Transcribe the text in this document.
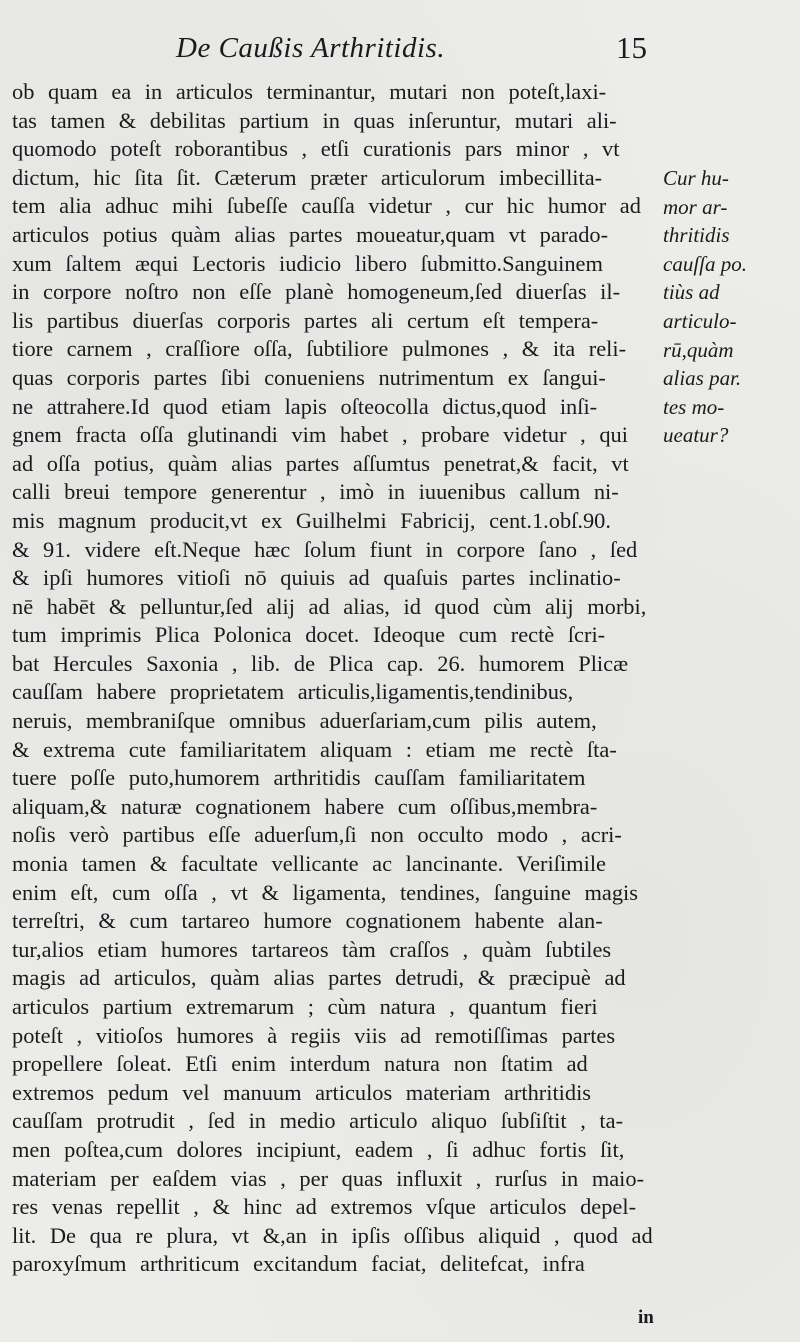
De Caußis Arthritidis.	15
ob quam ea in articulos terminantur, mutari non poteſt,laxi-
tas tamen & debilitas partium in quas inſeruntur, mutari ali-
quomodo poteſt roborantibus , etſi curationis pars minor , vt
dictum, hic ſita ſit. Cæterum præter articulorum imbecillita-
tem alia adhuc mihi ſubeſſe cauſſa videtur , cur hic humor ad
articulos potius quàm alias partes moueatur,quam vt parado-
xum ſaltem æqui Lectoris iudicio libero ſubmitto.Sanguinem
in corpore noſtro non eſſe planè homogeneum,ſed diuerſas il-
lis partibus diuerſas corporis partes ali certum eſt tempera-
tiore carnem , craſſiore oſſa, ſubtiliore pulmones , & ita reli-
quas corporis partes ſibi conueniens nutrimentum ex ſangui-
ne attrahere.Id quod etiam lapis oſteocolla dictus,quod inſi-
gnem fracta oſſa glutinandi vim habet , probare videtur , qui
ad oſſa potius, quàm alias partes aſſumtus penetrat,& facit, vt
calli breui tempore generentur , imò in iuuenibus callum ni-
mis magnum producit,vt ex Guilhelmi Fabricij, cent.1.obſ.90.
& 91. videre eſt.Neque hæc ſolum fiunt in corpore ſano , ſed
& ipſi humores vitioſi nō quiuis ad quaſuis partes inclinatio-
nē habēt & pelluntur,ſed alij ad alias, id quod cùm alij morbi,
tum imprimis Plica Polonica docet. Ideoque cum rectè ſcri-
bat Hercules Saxonia , lib. de Plica cap. 26. humorem Plicæ
cauſſam habere proprietatem articulis,ligamentis,tendinibus,
neruis, membraniſque omnibus aduerſariam,cum pilis autem,
& extrema cute familiaritatem aliquam : etiam me rectè ſta-
tuere poſſe puto,humorem arthritidis cauſſam familiaritatem
aliquam,& naturæ cognationem habere cum oſſibus,membra-
noſis verò partibus eſſe aduerſum,ſi non occulto modo , acri-
monia tamen & facultate vellicante ac lancinante. Veriſimile
enim eſt, cum oſſa , vt & ligamenta, tendines, ſanguine magis
terreſtri, & cum tartareo humore cognationem habente alan-
tur,alios etiam humores tartareos tàm craſſos , quàm ſubtiles
magis ad articulos, quàm alias partes detrudi, & præcipuè ad
articulos partium extremarum ; cùm natura , quantum fieri
poteſt , vitioſos humores à regiis viis ad remotiſſimas partes
propellere ſoleat. Etſi enim interdum natura non ſtatim ad
extremos pedum vel manuum articulos materiam arthritidis
cauſſam protrudit , ſed in medio articulo aliquo ſubſiſtit , ta-
men poſtea,cum dolores incipiunt, eadem , ſi adhuc fortis ſit,
materiam per eaſdem vias , per quas influxit , rurſus in maio-
res venas repellit , & hinc ad extremos vſque articulos depel-
lit. De qua re plura, vt &,an in ipſis oſſibus aliquid , quod ad
paroxyſmum arthriticum excitandum faciat, delitefcat, infra
Cur hu-
mor ar-
thritidis
cauſſa po.
tiùs ad
articulo-
rū,quàm
alias par.
tes mo-
ueatur?
in
